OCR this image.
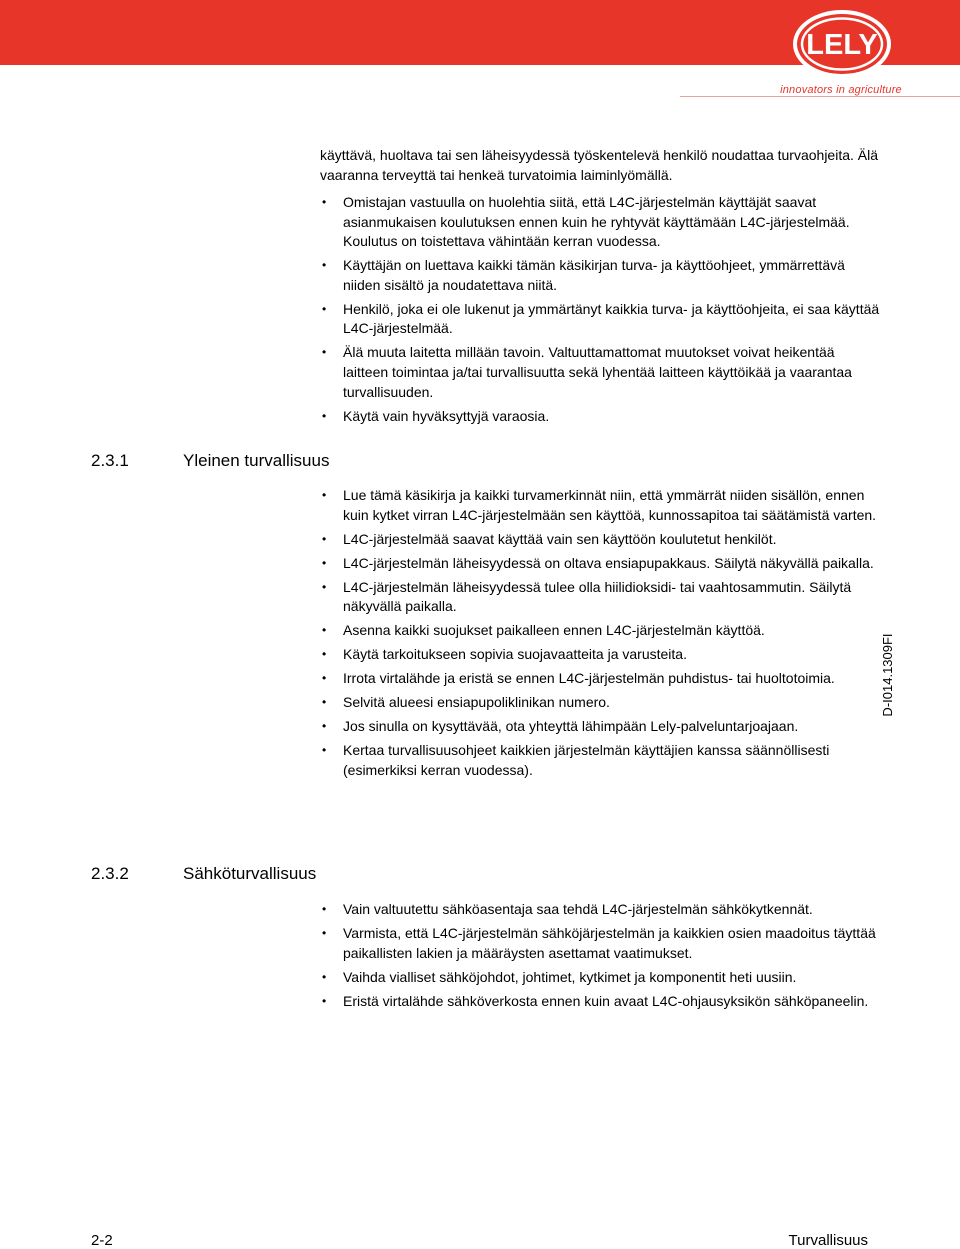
LELY
innovators in agriculture

käyttävä, huoltava tai sen läheisyydessä työskentelevä henkilö noudattaa turvaohjeita. Älä vaaranna terveyttä tai henkeä turvatoimia laiminlyömällä.

• Omistajan vastuulla on huolehtia siitä, että L4C-järjestelmän käyttäjät saavat asianmukaisen koulutuksen ennen kuin he ryhtyvät käyttämään L4C-järjestelmää. Koulutus on toistettava vähintään kerran vuodessa.
• Käyttäjän on luettava kaikki tämän käsikirjan turva- ja käyttöohjeet, ymmärrettävä niiden sisältö ja noudatettava niitä.
• Henkilö, joka ei ole lukenut ja ymmärtänyt kaikkia turva- ja käyttöohjeita, ei saa käyttää L4C-järjestelmää.
• Älä muuta laitetta millään tavoin. Valtuuttamattomat muutokset voivat heikentää laitteen toimintaa ja/tai turvallisuutta sekä lyhentää laitteen käyttöikää ja vaarantaa turvallisuuden.
• Käytä vain hyväksyttyjä varaosia.
2.3.1	Yleinen turvallisuus
• Lue tämä käsikirja ja kaikki turvamerkinnät niin, että ymmärrät niiden sisällön, ennen kuin kytket virran L4C-järjestelmään sen käyttöä, kunnossapitoa tai säätämistä varten.
• L4C-järjestelmää saavat käyttää vain sen käyttöön koulutetut henkilöt.
• L4C-järjestelmän läheisyydessä on oltava ensiapupakkaus. Säilytä näkyvällä paikalla.
• L4C-järjestelmän läheisyydessä tulee olla hiilidioksidi- tai vaahtosammutin. Säilytä näkyvällä paikalla.
• Asenna kaikki suojukset paikalleen ennen L4C-järjestelmän käyttöä.
• Käytä tarkoitukseen sopivia suojavaatteita ja varusteita.
• Irrota virtalähde ja eristä se ennen L4C-järjestelmän puhdistus- tai huoltotoimia.
• Selvitä alueesi ensiapupoliklinikan numero.
• Jos sinulla on kysyttävää, ota yhteyttä lähimpään Lely-palveluntarjoajaan.
• Kertaa turvallisuusohjeet kaikkien järjestelmän käyttäjien kanssa säännöllisesti (esimerkiksi kerran vuodessa).
2.3.2	Sähköturvallisuus
• Vain valtuutettu sähköasentaja saa tehdä L4C-järjestelmän sähkökytkennät.
• Varmista, että L4C-järjestelmän sähköjärjestelmän ja kaikkien osien maadoitus täyttää paikallisten lakien ja määräysten asettamat vaatimukset.
• Vaihda vialliset sähköjohdot, johtimet, kytkimet ja komponentit heti uusiin.
• Eristä virtalähde sähköverkosta ennen kuin avaat L4C-ohjausyksikön sähköpaneelin.
D-I014.1309FI
2-2	Turvallisuus
